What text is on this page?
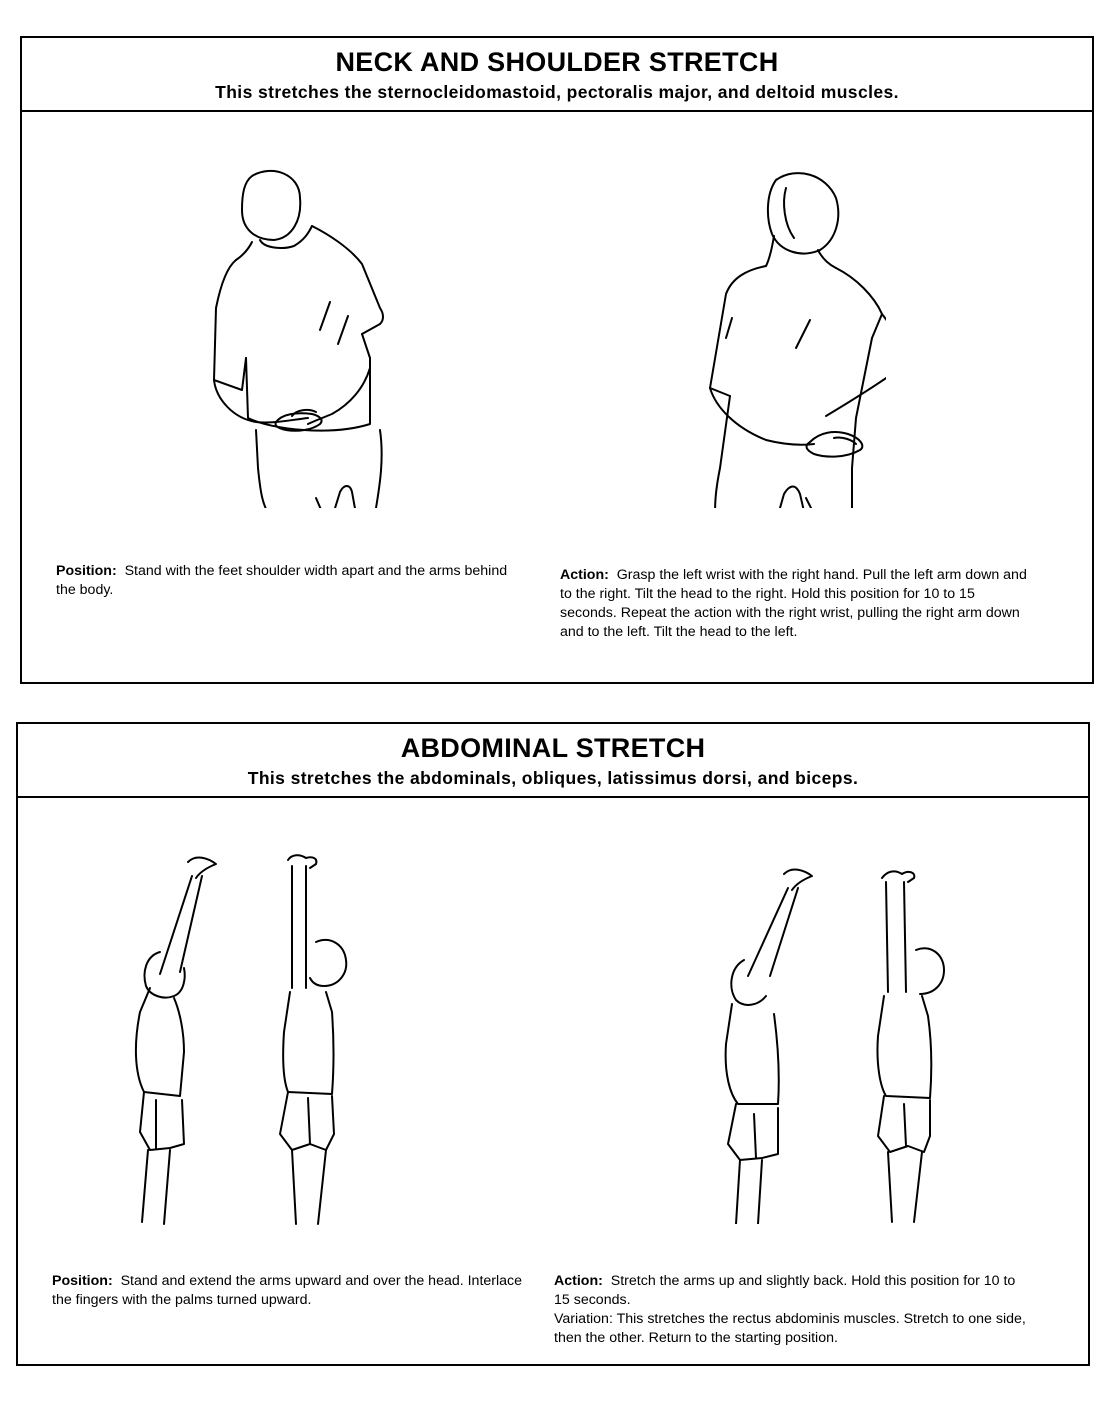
NECK AND SHOULDER STRETCH
This stretches the sternocleidomastoid, pectoralis major, and deltoid muscles.
Position: Stand with the feet shoulder width apart and the arms behind the body.
Action: Grasp the left wrist with the right hand. Pull the left arm down and to the right. Tilt the head to the right. Hold this position for 10 to 15 seconds. Repeat the action with the right wrist, pulling the right arm down and to the left. Tilt the head to the left.
ABDOMINAL STRETCH
This stretches the abdominals, obliques, latissimus dorsi, and biceps.
Position: Stand and extend the arms upward and over the head. Interlace the fingers with the palms turned upward.
Action: Stretch the arms up and slightly back. Hold this position for 10 to 15 seconds.
Variation: This stretches the rectus abdominis muscles. Stretch to one side, then the other. Return to the starting position.
